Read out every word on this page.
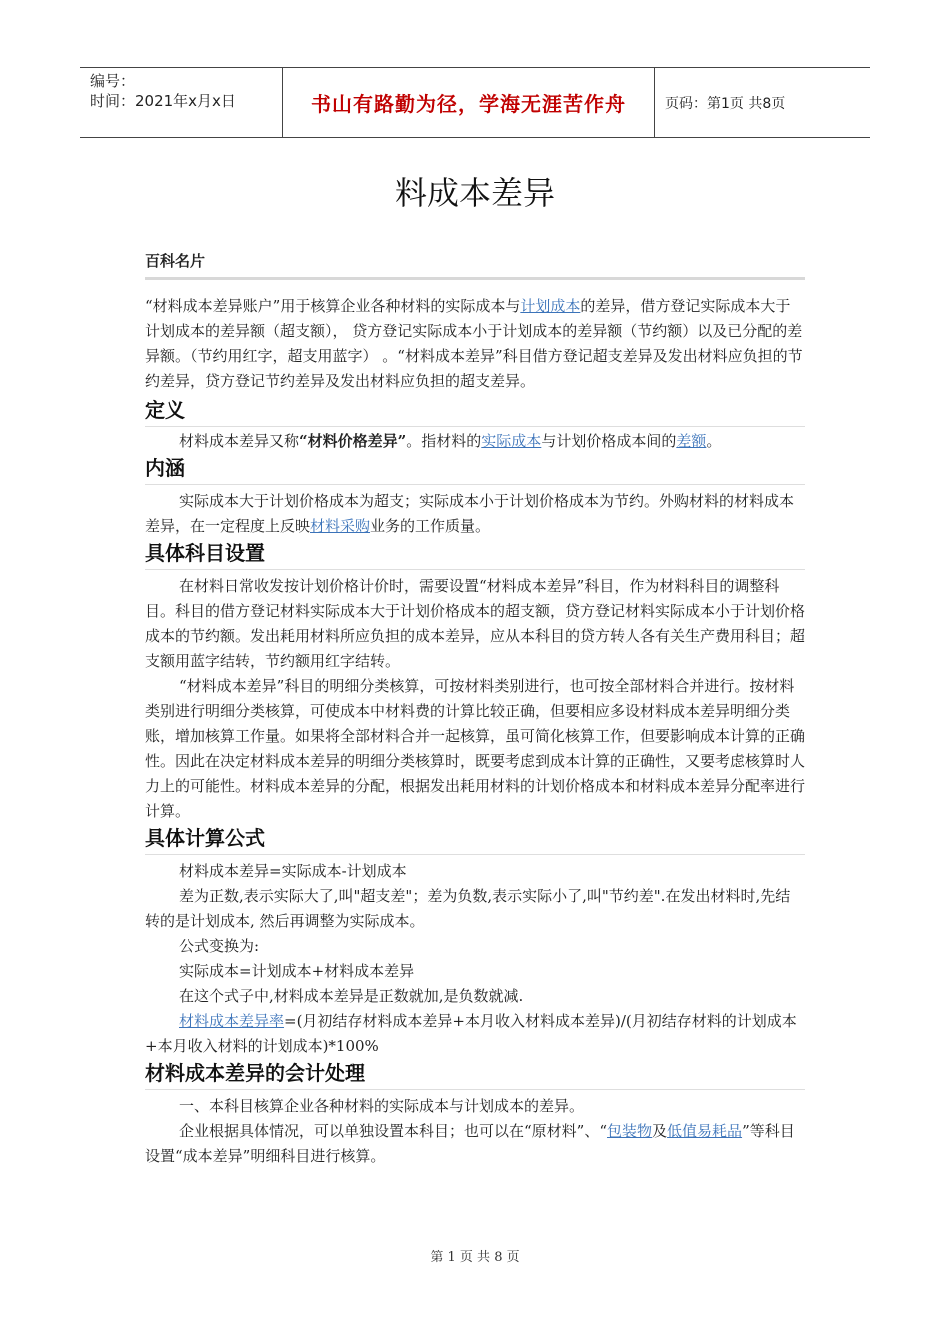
编号：
时间：2021年x月x日	书山有路勤为径，学海无涯苦作舟	页码：第1页 共8页
料成本差异
百科名片

“材料成本差异账户”用于核算企业各种材料的实际成本与计划成本的差异，借方登记实际成本大于计划成本的差异额（超支额）， 贷方登记实际成本小于计划成本的差异额（节约额）以及已分配的差异额。（节约用红字，超支用蓝字） 。“材料成本差异”科目借方登记超支差异及发出材料应负担的节约差异，贷方登记节约差异及发出材料应负担的超支差异。

定义

材料成本差异又称“材料价格差异”。指材料的实际成本与计划价格成本间的差额。

内涵

实际成本大于计划价格成本为超支；实际成本小于计划价格成本为节约。外购材料的材料成本差异，在一定程度上反映材料采购业务的工作质量。

具体科目设置

在材料日常收发按计划价格计价时，需要设置“材料成本差异”科目，作为材料科目的调整科目。科目的借方登记材料实际成本大于计划价格成本的超支额，贷方登记材料实际成本小于计划价格成本的节约额。发出耗用材料所应负担的成本差异，应从本科目的贷方转人各有关生产费用科目；超支额用蓝字结转，节约额用红字结转。

“材料成本差异”科目的明细分类核算，可按材料类别进行，也可按全部材料合并进行。按材料类别进行明细分类核算，可使成本中材料费的计算比较正确，但要相应多设材料成本差异明细分类账，增加核算工作量。如果将全部材料合并一起核算，虽可简化核算工作，但要影响成本计算的正确性。因此在决定材料成本差异的明细分类核算时，既要考虑到成本计算的正确性，又要考虑核算时人力上的可能性。材料成本差异的分配，根据发出耗用材料的计划价格成本和材料成本差异分配率进行计算。

具体计算公式

材料成本差异=实际成本-计划成本

差为正数,表示实际大了,叫"超支差"；差为负数,表示实际小了,叫"节约差".在发出材料时,先结转的是计划成本, 然后再调整为实际成本。

公式变换为:

实际成本=计划成本+材料成本差异

在这个式子中,材料成本差异是正数就加,是负数就减.

材料成本差异率=(月初结存材料成本差异+本月收入材料成本差异)/(月初结存材料的计划成本+本月收入材料的计划成本)*100%

材料成本差异的会计处理

一、本科目核算企业各种材料的实际成本与计划成本的差异。

企业根据具体情况，可以单独设置本科目；也可以在“原材料”、“包装物及低值易耗品”等科目设置“成本差异”明细科目进行核算。

第 1 页 共 8 页
